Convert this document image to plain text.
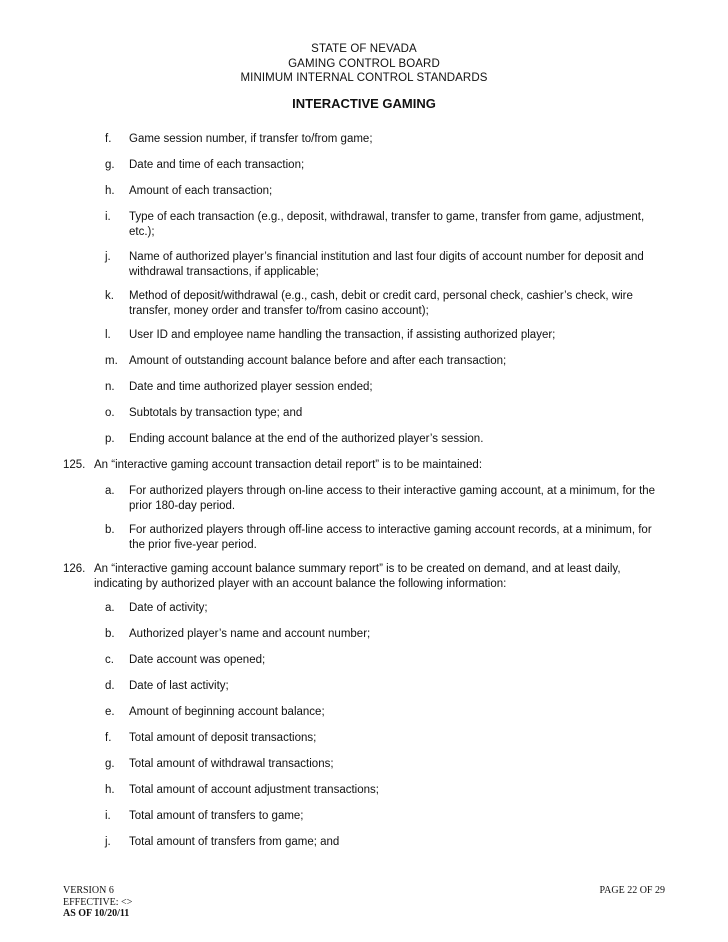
STATE OF NEVADA
GAMING CONTROL BOARD
MINIMUM INTERNAL CONTROL STANDARDS
INTERACTIVE GAMING
f. Game session number, if transfer to/from game;
g. Date and time of each transaction;
h. Amount of each transaction;
i. Type of each transaction (e.g., deposit, withdrawal, transfer to game, transfer from game, adjustment, etc.);
j. Name of authorized player’s financial institution and last four digits of account number for deposit and withdrawal transactions, if applicable;
k. Method of deposit/withdrawal (e.g., cash, debit or credit card, personal check, cashier’s check, wire transfer, money order and transfer to/from casino account);
l. User ID and employee name handling the transaction, if assisting authorized player;
m. Amount of outstanding account balance before and after each transaction;
n. Date and time authorized player session ended;
o. Subtotals by transaction type; and
p. Ending account balance at the end of the authorized player’s session.
125. An “interactive gaming account transaction detail report” is to be maintained:
a. For authorized players through on-line access to their interactive gaming account, at a minimum, for the prior 180-day period.
b. For authorized players through off-line access to interactive gaming account records, at a minimum, for the prior five-year period.
126. An “interactive gaming account balance summary report” is to be created on demand, and at least daily, indicating by authorized player with an account balance the following information:
a. Date of activity;
b. Authorized player’s name and account number;
c. Date account was opened;
d. Date of last activity;
e. Amount of beginning account balance;
f. Total amount of deposit transactions;
g. Total amount of withdrawal transactions;
h. Total amount of account adjustment transactions;
i. Total amount of transfers to game;
j. Total amount of transfers from game; and
VERSION 6
EFFECTIVE: <>
AS OF 10/20/11
PAGE 22 OF 29
